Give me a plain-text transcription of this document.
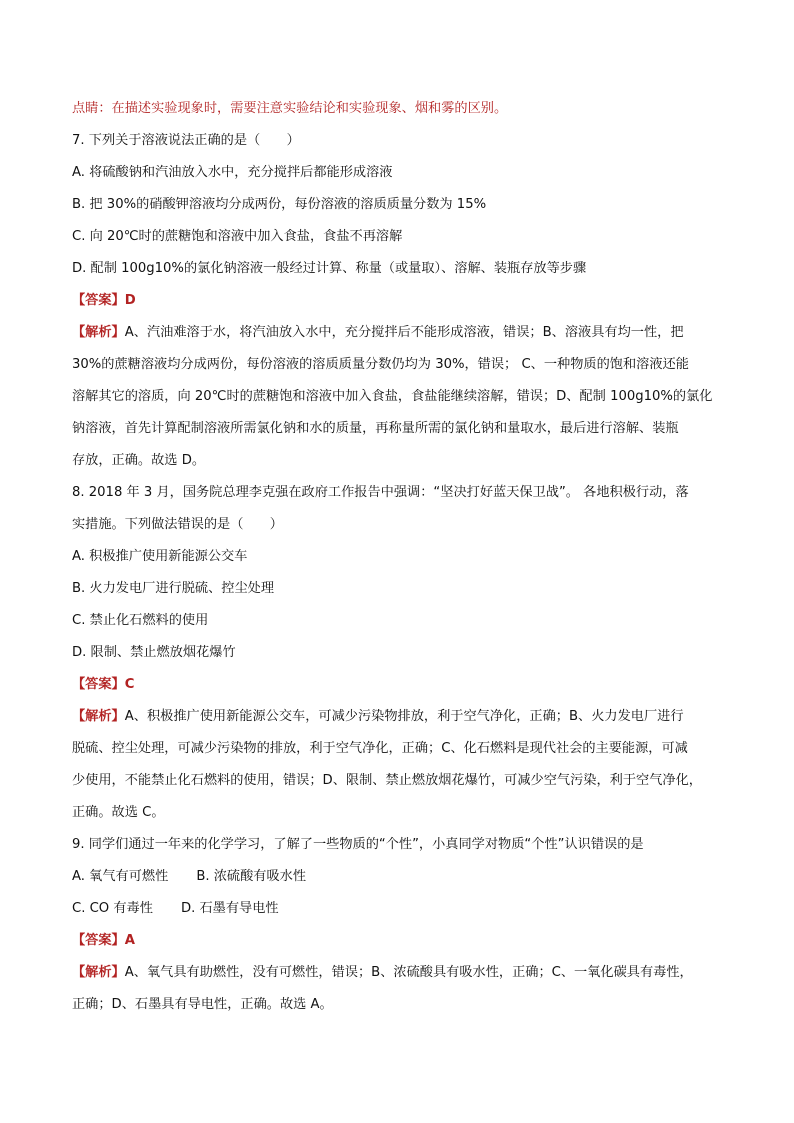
点睛：在描述实验现象时，需要注意实验结论和实验现象、烟和雾的区别。

7. 下列关于溶液说法正确的是（　　）

A. 将硫酸钠和汽油放入水中，充分搅拌后都能形成溶液

B. 把 30%的硝酸钾溶液均分成两份，每份溶液的溶质质量分数为 15%

C. 向 20℃时的蔗糖饱和溶液中加入食盐，食盐不再溶解

D. 配制 100g10%的氯化钠溶液一般经过计算、称量（或量取）、溶解、装瓶存放等步骤

【答案】D

【解析】A、汽油难溶于水，将汽油放入水中，充分搅拌后不能形成溶液，错误；B、溶液具有均一性，把
30%的蔗糖溶液均分成两份，每份溶液的溶质质量分数仍均为 30%，错误； C、一种物质的饱和溶液还能
溶解其它的溶质，向 20℃时的蔗糖饱和溶液中加入食盐，食盐能继续溶解，错误；D、配制 100g10%的氯化
钠溶液，首先计算配制溶液所需氯化钠和水的质量，再称量所需的氯化钠和量取水，最后进行溶解、装瓶
存放，正确。故选 D。
8. 2018 年 3 月，国务院总理李克强在政府工作报告中强调：“坚决打好蓝天保卫战”。 各地积极行动，落
实措施。下列做法错误的是（　　）

A. 积极推广使用新能源公交车

B. 火力发电厂进行脱硫、控尘处理

C. 禁止化石燃料的使用

D. 限制、禁止燃放烟花爆竹

【答案】C

【解析】A、积极推广使用新能源公交车，可减少污染物排放，利于空气净化，正确；B、火力发电厂进行
脱硫、控尘处理，可减少污染物的排放，利于空气净化，正确；C、化石燃料是现代社会的主要能源，可减
少使用，不能禁止化石燃料的使用，错误；D、限制、禁止燃放烟花爆竹，可减少空气污染，利于空气净化，
正确。故选 C。

9. 同学们通过一年来的化学学习，了解了一些物质的“个性”，小真同学对物质“个性”认识错误的是

A. 氧气有可燃性 B. 浓硫酸有吸水性

C. CO 有毒性 D. 石墨有导电性

【答案】A

【解析】A、氧气具有助燃性，没有可燃性，错误；B、浓硫酸具有吸水性，正确；C、一氧化碳具有毒性，
正确；D、石墨具有导电性，正确。故选 A。
